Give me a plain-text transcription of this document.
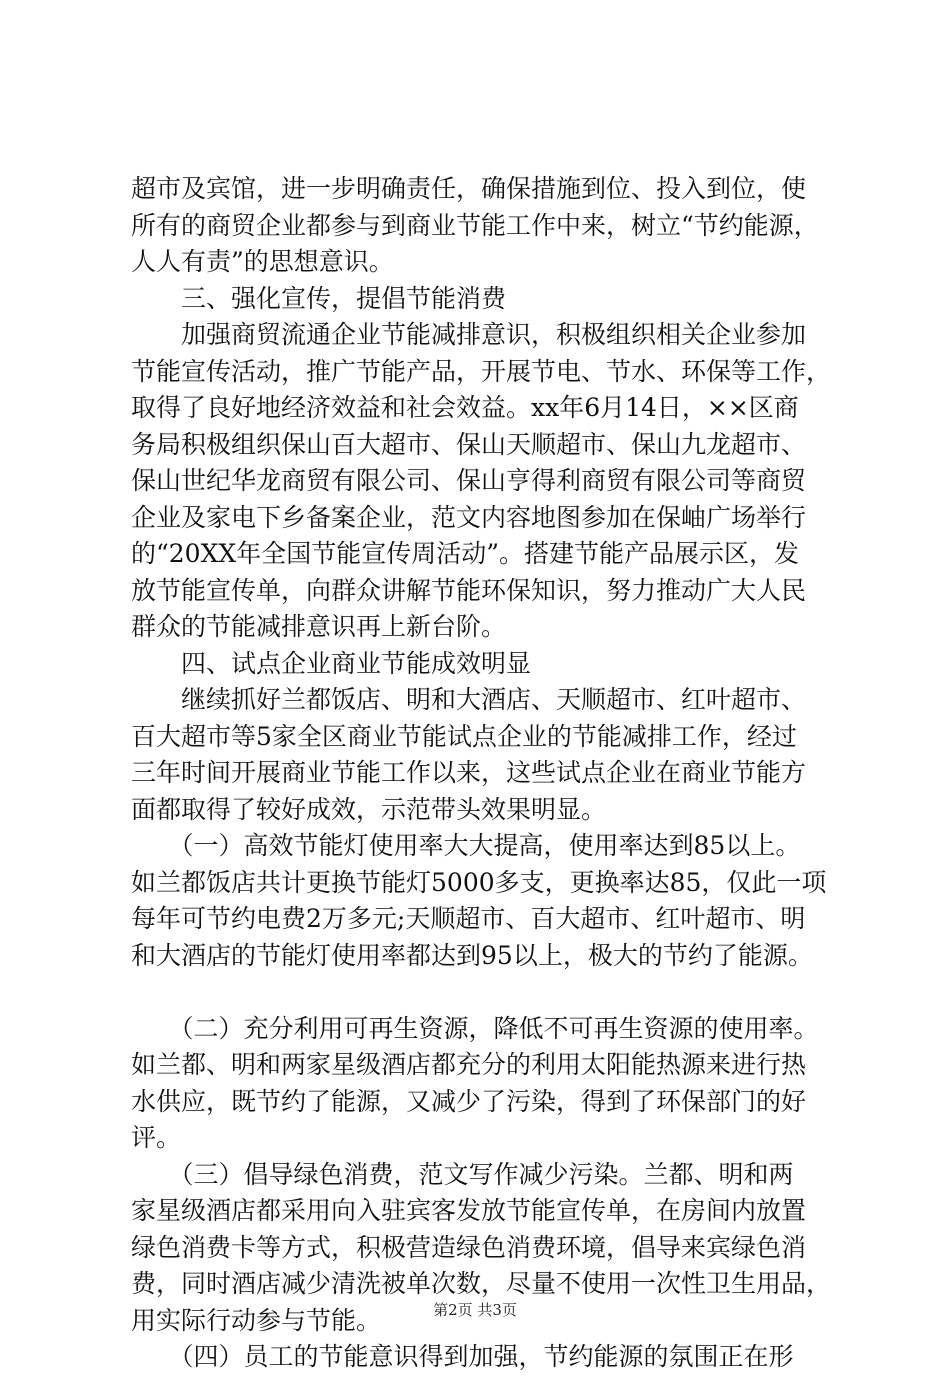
超市及宾馆，进一步明确责任，确保措施到位、投入到位，使
所有的商贸企业都参与到商业节能工作中来，树立“节约能源，
人人有责”的思想意识。
　　三、强化宣传，提倡节能消费
　　加强商贸流通企业节能减排意识，积极组织相关企业参加
节能宣传活动，推广节能产品，开展节电、节水、环保等工作，
取得了良好地经济效益和社会效益。xx年6月14日，××区商
务局积极组织保山百大超市、保山天顺超市、保山九龙超市、
保山世纪华龙商贸有限公司、保山亨得利商贸有限公司等商贸
企业及家电下乡备案企业，范文内容地图参加在保岫广场举行
的“20XX年全国节能宣传周活动”。搭建节能产品展示区，发
放节能宣传单，向群众讲解节能环保知识，努力推动广大人民
群众的节能减排意识再上新台阶。
　　四、试点企业商业节能成效明显
　　继续抓好兰都饭店、明和大酒店、天顺超市、红叶超市、
百大超市等5家全区商业节能试点企业的节能减排工作，经过
三年时间开展商业节能工作以来，这些试点企业在商业节能方
面都取得了较好成效，示范带头效果明显。
　　（一）高效节能灯使用率大大提高，使用率达到85以上。
如兰都饭店共计更换节能灯5000多支，更换率达85，仅此一项
每年可节约电费2万多元;天顺超市、百大超市、红叶超市、明
和大酒店的节能灯使用率都达到95以上，极大的节约了能源。
　　（二）充分利用可再生资源，降低不可再生资源的使用率。
如兰都、明和两家星级酒店都充分的利用太阳能热源来进行热
水供应，既节约了能源，又减少了污染，得到了环保部门的好
评。
　　（三）倡导绿色消费，范文写作减少污染。兰都、明和两
家星级酒店都采用向入驻宾客发放节能宣传单，在房间内放置
绿色消费卡等方式，积极营造绿色消费环境，倡导来宾绿色消
费，同时酒店减少清洗被单次数，尽量不使用一次性卫生用品，
用实际行动参与节能。
　　（四）员工的节能意识得到加强，节约能源的氛围正在形
第2页 共3页
